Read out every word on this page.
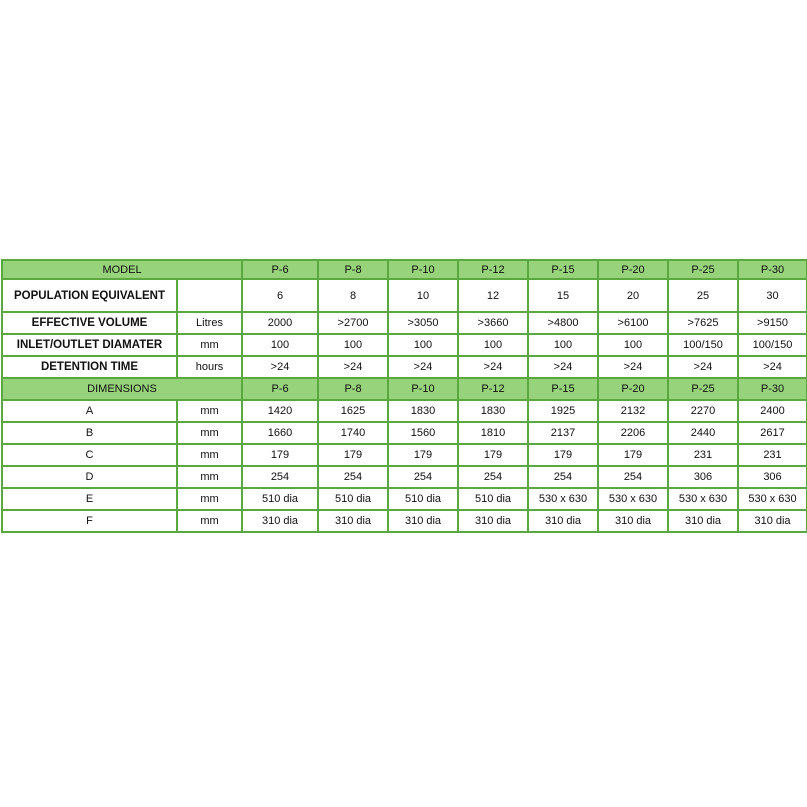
MODEL		P-6	P-8	P-10	P-12	P-15	P-20	P-25	P-30
POPULATION EQUIVALENT		6	8	10	12	15	20	25	30
EFFECTIVE VOLUME	Litres	2000	>2700	>3050	>3660	>4800	>6100	>7625	>9150
INLET/OUTLET DIAMATER	mm	100	100	100	100	100	100	100/150	100/150
DETENTION TIME	hours	>24	>24	>24	>24	>24	>24	>24	>24
DIMENSIONS		P-6	P-8	P-10	P-12	P-15	P-20	P-25	P-30
A	mm	1420	1625	1830	1830	1925	2132	2270	2400
B	mm	1660	1740	1560	1810	2137	2206	2440	2617
C	mm	179	179	179	179	179	179	231	231
D	mm	254	254	254	254	254	254	306	306
E	mm	510 dia	510 dia	510 dia	510 dia	530 x 630	530 x 630	530 x 630	530 x 630
F	mm	310 dia	310 dia	310 dia	310 dia	310 dia	310 dia	310 dia	310 dia
